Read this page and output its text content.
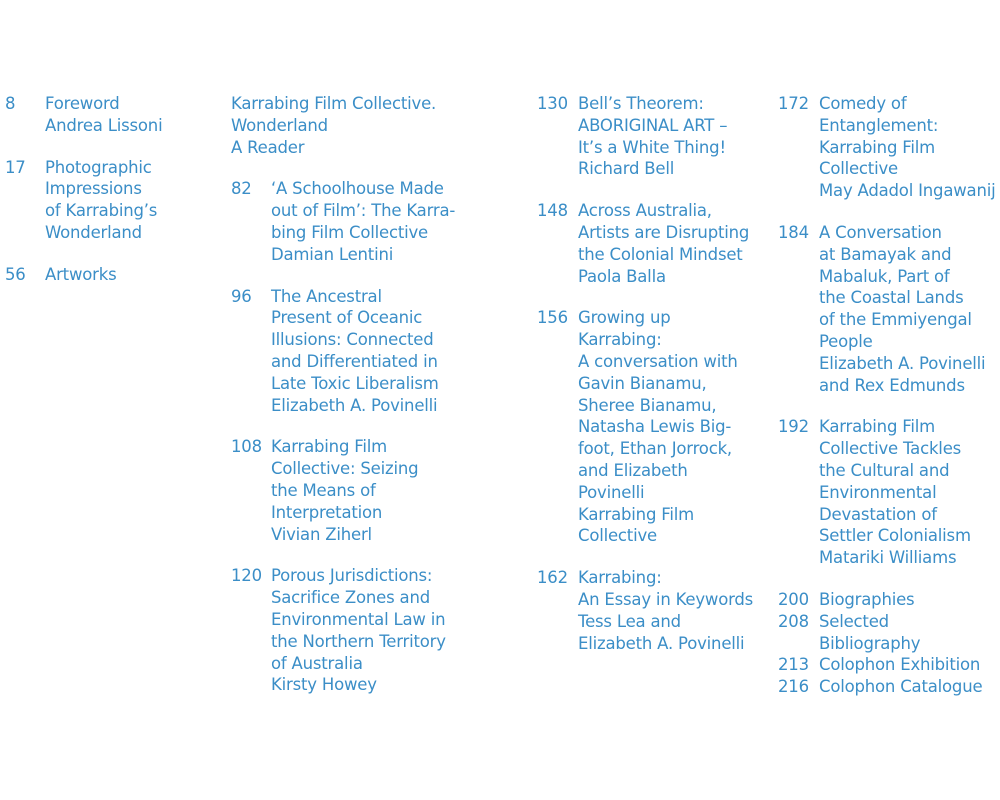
8	Foreword
Andrea Lissoni
17	Photographic
Impressions
of Karrabing’s
Wonderland
56	Artworks
Karrabing Film Collective.
Wonderland
A Reader
82	‘A Schoolhouse Made
out of Film’: The Karra-
bing Film Collective
Damian Lentini
96	The Ancestral
Present of Oceanic
Illusions: Connected
and Differentiated in
Late Toxic Liberalism
Elizabeth A. Povinelli
108 Karrabing Film
Collective: Seizing
the Means of
Interpretation
Vivian Ziherl
120 Porous Jurisdictions:
Sacrifice Zones and
Environmental Law in
the Northern Territory
of Australia
Kirsty Howey
130 Bell’s Theorem:
ABORIGINAL ART –
It’s a White Thing!
Richard Bell
148 Across Australia,
Artists are Disrupting
the Colonial Mindset
Paola Balla
156 Growing up
Karrabing:
A conversation with
Gavin Bianamu,
Sheree Bianamu,
Natasha Lewis Big-
foot, Ethan Jorrock,
and Elizabeth
Povinelli
Karrabing Film
Collective
162 Karrabing:
An Essay in Keywords
Tess Lea and
Elizabeth A. Povinelli
172 Comedy of
Entanglement:
Karrabing Film
Collective
May Adadol Ingawanij
184 A Conversation
at Bamayak and
Mabaluk, Part of
the Coastal Lands
of the Emmiyengal
People
Elizabeth A. Povinelli
and Rex Edmunds
192 Karrabing Film
Collective Tackles
the Cultural and
Environmental
Devastation of
Settler Colonialism
Matariki Williams
200 Biographies
208 Selected
Bibliography
213 Colophon Exhibition
216 Colophon Catalogue
